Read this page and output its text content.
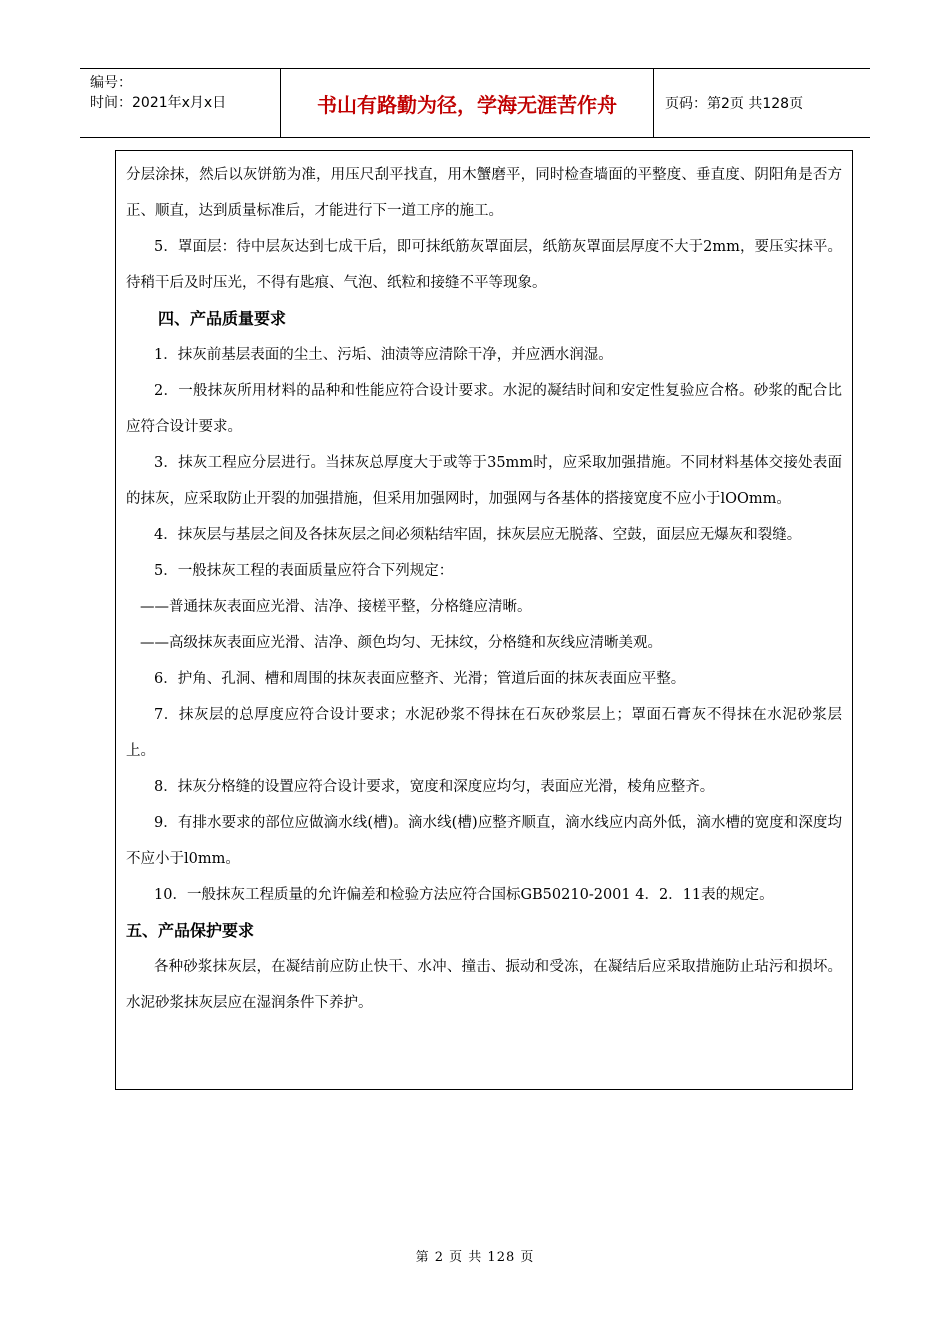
编号：
时间：2021年x月x日	书山有路勤为径，学海无涯苦作舟	页码：第2页 共128页

分层涂抹，然后以灰饼筋为准，用压尺刮平找直，用木蟹磨平，同时检查墙面的平整度、垂直度、阴阳角是否方正、顺直，达到质量标准后，才能进行下一道工序的施工。

5．罩面层：待中层灰达到七成干后，即可抹纸筋灰罩面层，纸筋灰罩面层厚度不大于2mm，要压实抹平。待稍干后及时压光，不得有匙痕、气泡、纸粒和接缝不平等现象。

四、产品质量要求

1．抹灰前基层表面的尘土、污垢、油渍等应清除干净，并应洒水润湿。

2．一般抹灰所用材料的品种和性能应符合设计要求。水泥的凝结时间和安定性复验应合格。砂浆的配合比应符合设计要求。

3．抹灰工程应分层进行。当抹灰总厚度大于或等于35mm时，应采取加强措施。不同材料基体交接处表面的抹灰，应采取防止开裂的加强措施，但采用加强网时，加强网与各基体的搭接宽度不应小于lOOmm。

4．抹灰层与基层之间及各抹灰层之间必须粘结牢固，抹灰层应无脱落、空鼓，面层应无爆灰和裂缝。

5．一般抹灰工程的表面质量应符合下列规定：

——普通抹灰表面应光滑、洁净、接槎平整，分格缝应清晰。

——高级抹灰表面应光滑、洁净、颜色均匀、无抹纹，分格缝和灰线应清晰美观。

6．护角、孔洞、槽和周围的抹灰表面应整齐、光滑；管道后面的抹灰表面应平整。

7．抹灰层的总厚度应符合设计要求；水泥砂浆不得抹在石灰砂浆层上；罩面石膏灰不得抹在水泥砂浆层上。

8．抹灰分格缝的设置应符合设计要求，宽度和深度应均匀，表面应光滑，棱角应整齐。

9．有排水要求的部位应做滴水线(槽)。滴水线(槽)应整齐顺直，滴水线应内高外低，滴水槽的宽度和深度均不应小于l0mm。

10．一般抹灰工程质量的允许偏差和检验方法应符合国标GB50210-2001 4．2．11表的规定。

五、产品保护要求

各种砂浆抹灰层，在凝结前应防止快干、水冲、撞击、振动和受冻，在凝结后应采取措施防止玷污和损坏。水泥砂浆抹灰层应在湿润条件下养护。

第 2 页 共 128 页
